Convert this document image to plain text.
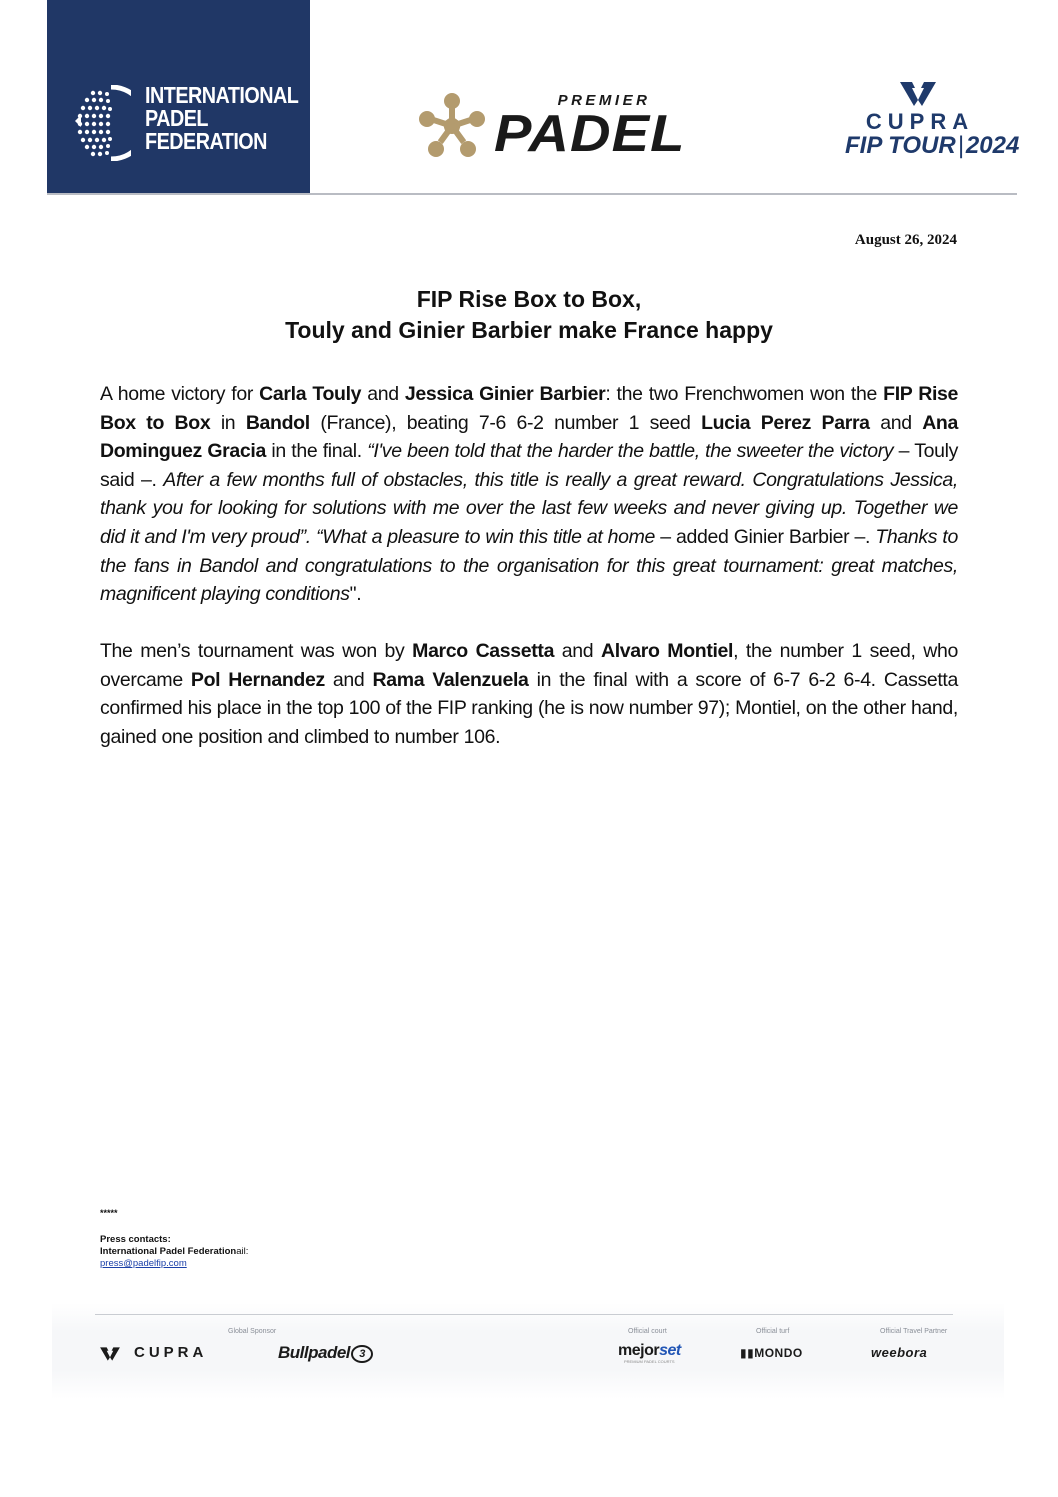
INTERNATIONAL
PADEL
FEDERATION
PREMIER
PADEL	CUPRA
FIP TOUR|2024
August 26, 2024
FIP Rise Box to Box,
Touly and Ginier Barbier make France happy

A home victory for Carla Touly and Jessica Ginier Barbier: the two Frenchwomen won the FIP Rise Box to Box in Bandol (France), beating 7-6 6-2 number 1 seed Lucia Perez Parra and Ana Dominguez Gracia in the final. “I've been told that the harder the battle, the sweeter the victory – Touly said –. After a few months full of obstacles, this title is really a great reward. Congratulations Jessica, thank you for looking for solutions with me over the last few weeks and never giving up. Together we did it and I'm very proud”. “What a pleasure to win this title at home – added Ginier Barbier –. Thanks to the fans in Bandol and congratulations to the organisation for this great tournament: great matches, magnificent playing conditions".

The men’s tournament was won by Marco Cassetta and Alvaro Montiel, the number 1 seed, who overcame Pol Hernandez and Rama Valenzuela in the final with a score of 6-7 6-2 6-4. Cassetta confirmed his place in the top 100 of the FIP ranking (he is now number 97); Montiel, on the other hand, gained one position and climbed to number 106.

*****
Press contacts:
International Padel Federationail:
press@padelfip.com
Global Sponsor	Official court	Official turf	Official Travel Partner
CUPRA	Bullpadel 3	mejorset
PREMIUM PADEL COURTS
▮▮MONDO	weebora
